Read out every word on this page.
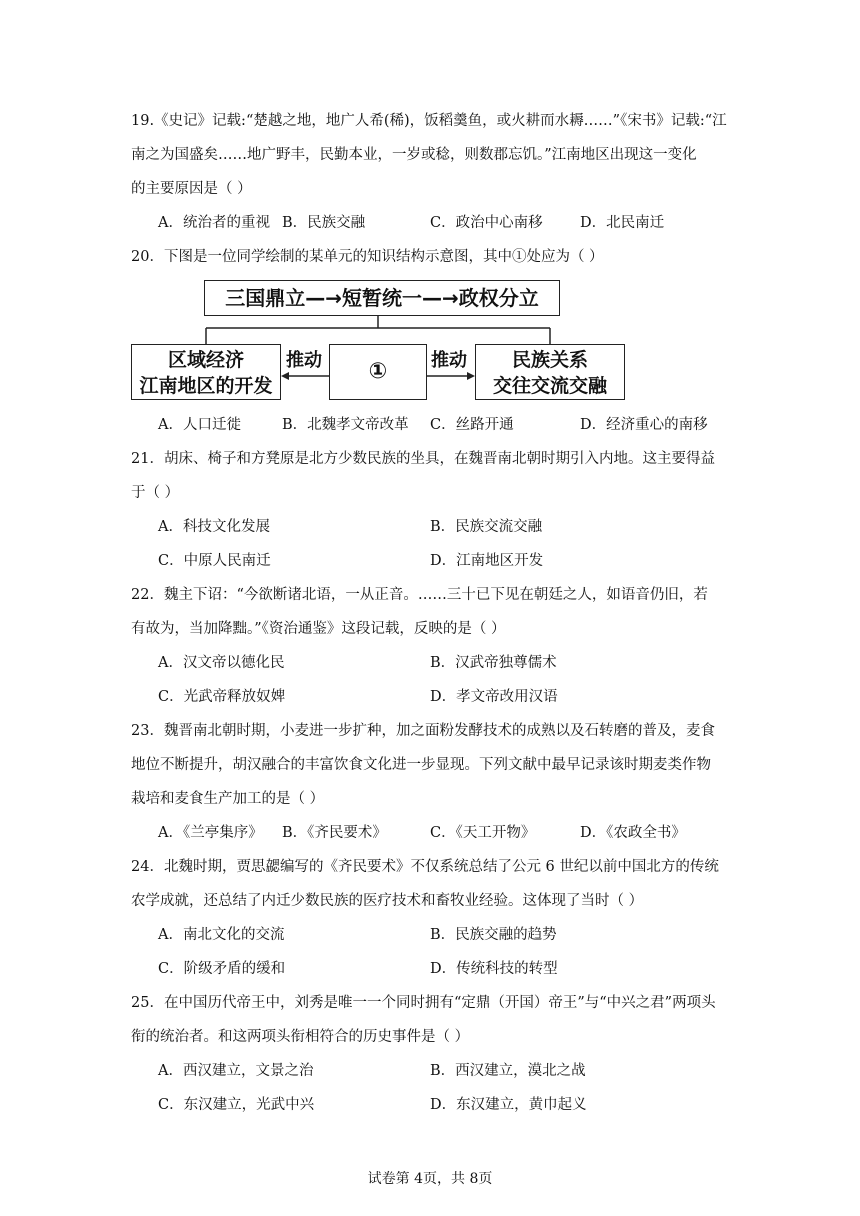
19.《史记》记载:“楚越之地，地广人希(稀)，饭稻羹鱼，或火耕而水耨……”《宋书》记载:“江

南之为国盛矣……地广野丰，民勤本业，一岁或稔，则数郡忘饥。”江南地区出现这一变化

的主要原因是（ ）

A．统治者的重视 B．民族交融	C．政治中心南移	D．北民南迁

20．下图是一位同学绘制的某单元的知识结构示意图，其中①处应为（ ）

三国鼎立—→短暂统一—→政权分立
区域经济
江南地区的开发
①	民族关系
交往交流交融
推动	推动
A．人口迁徙	B．北魏孝文帝改革 C．丝路开通	D．经济重心的南移

21．胡床、椅子和方凳原是北方少数民族的坐具，在魏晋南北朝时期引入内地。这主要得益

于（ ）

A．科技文化发展	B．民族交流交融
C．中原人民南迁	D．江南地区开发

22．魏主下诏：“今欲断诸北语，一从正音。……三十已下见在朝廷之人，如语音仍旧，若

有故为，当加降黜。”《资治通鉴》这段记载，反映的是（ ）

A．汉文帝以德化民	B．汉武帝独尊儒术
C．光武帝释放奴婢	D．孝文帝改用汉语

23．魏晋南北朝时期，小麦进一步扩种，加之面粉发酵技术的成熟以及石转磨的普及，麦食

地位不断提升，胡汉融合的丰富饮食文化进一步显现。下列文献中最早记录该时期麦类作物

栽培和麦食生产加工的是（ ）

A．《兰亭集序》 B．《齐民要术》	C．《天工开物》	D．《农政全书》

24．北魏时期，贾思勰编写的《齐民要术》不仅系统总结了公元 6 世纪以前中国北方的传统

农学成就，还总结了内迁少数民族的医疗技术和畜牧业经验。这体现了当时（ ）

A．南北文化的交流	B．民族交融的趋势
C．阶级矛盾的缓和	D．传统科技的转型

25．在中国历代帝王中，刘秀是唯一一个同时拥有“定鼎（开国）帝王”与“中兴之君”两项头

衔的统治者。和这两项头衔相符合的历史事件是（ ）

A．西汉建立，文景之治	B．西汉建立，漠北之战
C．东汉建立，光武中兴	D．东汉建立，黄巾起义
试卷第 4页，共 8页
